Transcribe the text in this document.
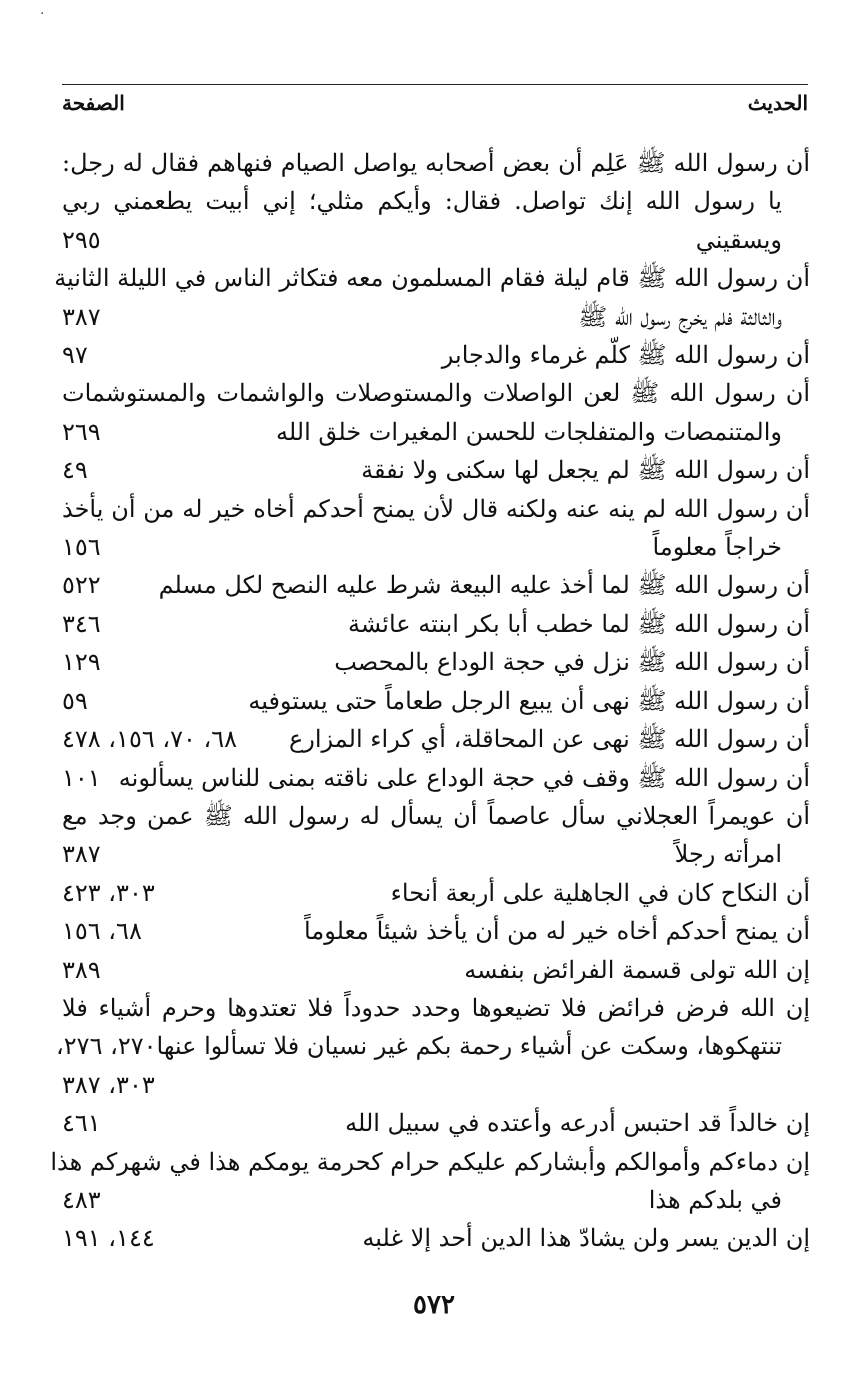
·
الحديث
الصفحة
أن رسول الله ﷺ عَلِم أن بعض أصحابه يواصل الصيام فنهاهم فقال له رجل:
يا رسول الله إنك تواصل. فقال: وأيكم مثلي؛ إني أبيت يطعمني ربي
ويسقيني
٢٩٥
أن رسول الله ﷺ قام ليلة فقام المسلمون معه فتكاثر الناس في الليلة الثانية
والثالثة فلم يخرج رسول الله ﷺ
٣٨٧
أن رسول الله ﷺ كلّم غرماء والدجابر
٩٧
أن رسول الله ﷺ لعن الواصلات والمستوصلات والواشمات والمستوشمات
والمتنمصات والمتفلجات للحسن المغيرات خلق الله
٢٦٩
أن رسول الله ﷺ لم يجعل لها سكنى ولا نفقة
٤٩
أن رسول الله لم ينه عنه ولكنه قال لأن يمنح أحدكم أخاه خير له من أن يأخذ
خراجاً معلوماً
١٥٦
أن رسول الله ﷺ لما أخذ عليه البيعة شرط عليه النصح لكل مسلم
٥٢٢
أن رسول الله ﷺ لما خطب أبا بكر ابنته عائشة
٣٤٦
أن رسول الله ﷺ نزل في حجة الوداع بالمحصب
١٢٩
أن رسول الله ﷺ نهى أن يبيع الرجل طعاماً حتى يستوفيه
٥٩
أن رسول الله ﷺ نهى عن المحاقلة، أي كراء المزارع
٦٨، ٧٠، ١٥٦، ٤٧٨
أن رسول الله ﷺ وقف في حجة الوداع على ناقته بمنى للناس يسألونه
١٠١
أن عويمراً العجلاني سأل عاصماً أن يسأل له رسول الله ﷺ عمن وجد مع
امرأته رجلاً
٣٨٧
أن النكاح كان في الجاهلية على أربعة أنحاء
٣٠٣، ٤٢٣
أن يمنح أحدكم أخاه خير له من أن يأخذ شيئاً معلوماً
٦٨، ١٥٦
إن الله تولى قسمة الفرائض بنفسه
٣٨٩
إن الله فرض فرائض فلا تضيعوها وحدد حدوداً فلا تعتدوها وحرم أشياء فلا
تنتهكوها، وسكت عن أشياء رحمة بكم غير نسيان فلا تسألوا عنها
٢٧٠، ٢٧٦،
٣٠٣، ٣٨٧
إن خالداً قد احتبس أدرعه وأعتده في سبيل الله
٤٦١
إن دماءكم وأموالكم وأبشاركم عليكم حرام كحرمة يومكم هذا في شهركم هذا
في بلدكم هذا
٤٨٣
إن الدين يسر ولن يشادّ هذا الدين أحد إلا غلبه
١٤٤، ١٩١
٥٧٢
